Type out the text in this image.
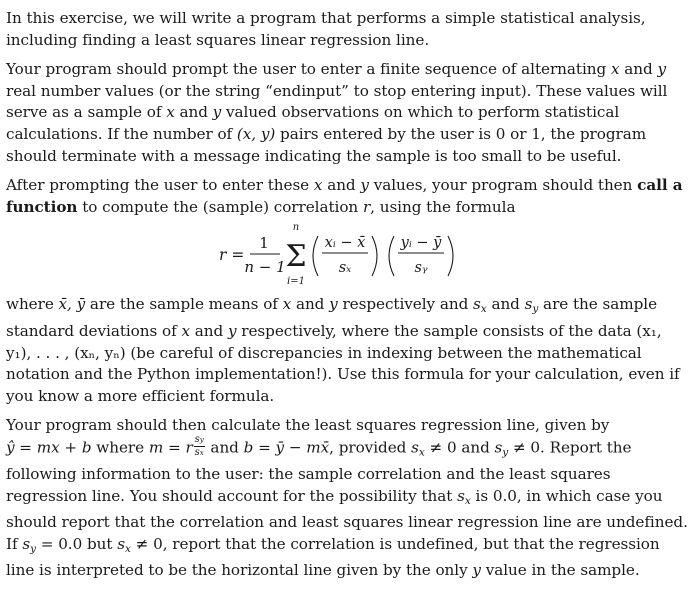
In this exercise, we will write a program that performs a simple statistical analysis, including finding a least squares linear regression line.

Your program should prompt the user to enter a finite sequence of alternating x and y real number values (or the string “endinput” to stop entering input). These values will serve as a sample of x and y valued observations on which to perform statistical calculations. If the number of (x, y) pairs entered by the user is 0 or 1, the program should terminate with a message indicating the sample is too small to be useful.

After prompting the user to enter these x and y values, your program should then call a
function to compute the (sample) correlation r, using the formula

r =
1
n − 1
n
Σ
i=1
xᵢ − x̄
sₓ
yᵢ − ȳ
sᵧ

where x̄, ȳ are the sample means of x and y respectively and $s_x$ and $s_y$ are the sample standard deviations of x and y respectively, where the sample consists of the data (x₁, y₁), . . . , (xₙ, yₙ) (be careful of discrepancies in indexing between the mathematical notation and the Python implementation!). Use this formula for your calculation, even if you know a more efficient formula.

Your program should then calculate the least squares regression line, given by
ŷ = mx + b where m = r $\frac{sy}{sx}$ and b = ȳ − mx̄, provided $s_x \ne 0$ and $s_y \ne 0$. Report the following information to the user: the sample correlation and the least squares regression line. You should account for the possibility that $s_x$ is 0.0, in which case you should report that the correlation and least squares linear regression line are undefined. If $s_y = 0.0$ but $s_x \ne 0$, report that the correlation is undefined, but that the regression line is interpreted to be the horizontal line given by the only y value in the sample.
